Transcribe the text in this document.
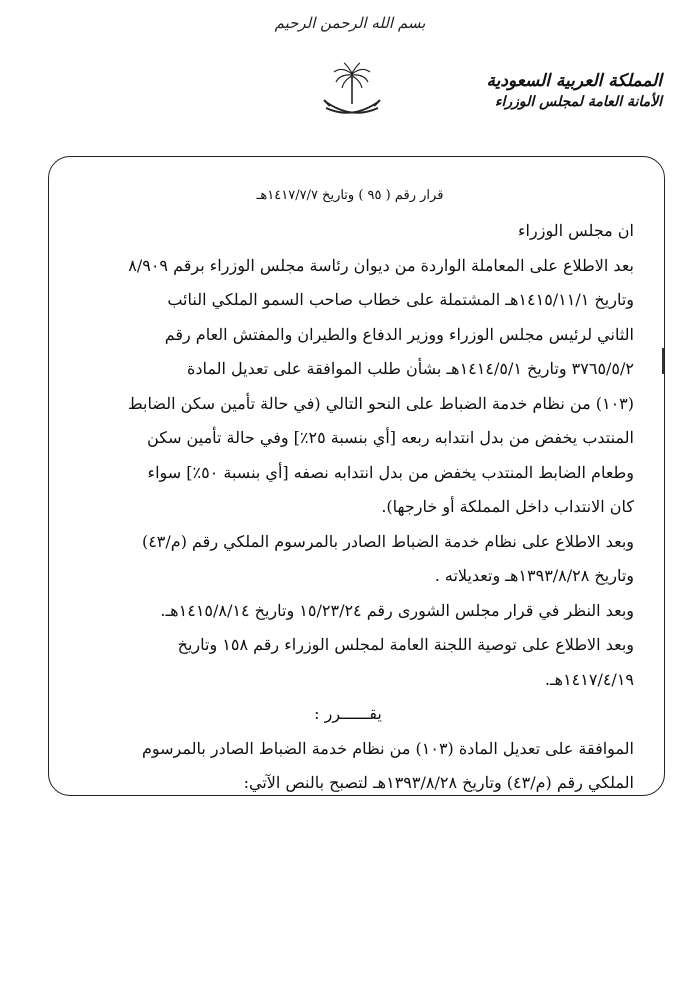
بسم الله الرحمن الرحيم
المملكة العربية السعودية
الأمانة العامة لمجلس الوزراء
قرار رقم ( ٩٥ ) وتاريخ ١٤١٧/٧/٧هـ
ان مجلس الوزراء
بعد الاطلاع على المعاملة الواردة من ديوان رئاسة مجلس الوزراء برقم ٨/٩٠٩
وتاريخ ١٤١٥/١١/١هـ المشتملة على خطاب صاحب السمو الملكي النائب
الثاني لرئيس مجلس الوزراء ووزير الدفاع والطيران والمفتش العام رقم
٣٧٦٥/٥/٢ وتاريخ ١٤١٤/٥/١هـ بشأن طلب الموافقة على تعديل المادة
(١٠٣) من نظام خدمة الضباط على النحو التالي (في حالة تأمين سكن الضابط
المنتدب يخفض من بدل انتدابه ربعه [أي بنسبة ٢٥٪] وفي حالة تأمين سكن
وطعام الضابط المنتدب يخفض من بدل انتدابه نصفه [أي بنسبة ٥٠٪] سواء
كان الانتداب داخل المملكة أو خارجها).
وبعد الاطلاع على نظام خدمة الضباط الصادر بالمرسوم الملكي رقم (م/٤٣)
وتاريخ ١٣٩٣/٨/٢٨هـ وتعديلاته .
وبعد النظر في قرار مجلس الشورى رقم ١٥/٢٣/٢٤ وتاريخ ١٤١٥/٨/١٤هـ.
وبعد الاطلاع على توصية اللجنة العامة لمجلس الوزراء رقم ١٥٨ وتاريخ
١٤١٧/٤/١٩هـ.
يقــــــرر :
الموافقة على تعديل المادة (١٠٣) من نظام خدمة الضباط الصادر بالمرسوم
الملكي رقم (م/٤٣) وتاريخ ١٣٩٣/٨/٢٨هـ لتصبح بالنص الآتي:
